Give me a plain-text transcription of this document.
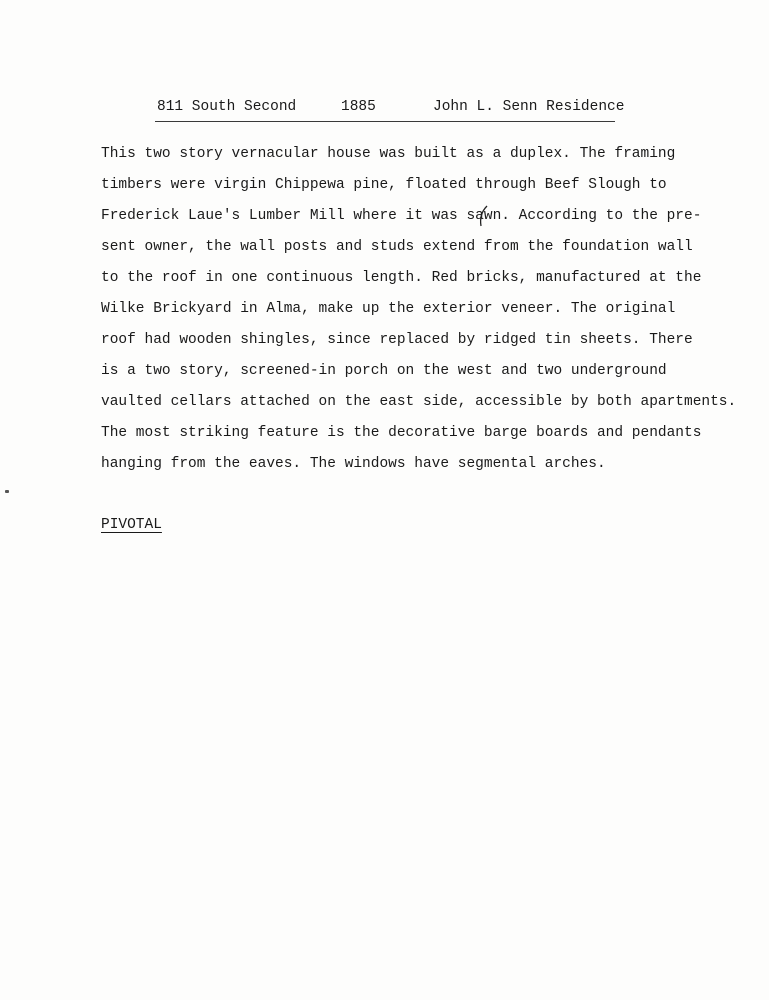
811 South Second	1885	John L. Senn Residence
This two story vernacular house was built as a duplex. The framing
timbers were virgin Chippewa pine, floated through Beef Slough to
Frederick Laue's Lumber Mill where it was sawn. According to the pre-
sent owner, the wall posts and studs extend from the foundation wall
to the roof in one continuous length. Red bricks, manufactured at the
Wilke Brickyard in Alma, make up the exterior veneer. The original
roof had wooden shingles, since replaced by ridged tin sheets. There
is a two story, screened-in porch on the west and two underground
vaulted cellars attached on the east side, accessible by both apartments.
The most striking feature is the decorative barge boards and pendants
hanging from the eaves. The windows have segmental arches.
PIVOTAL
